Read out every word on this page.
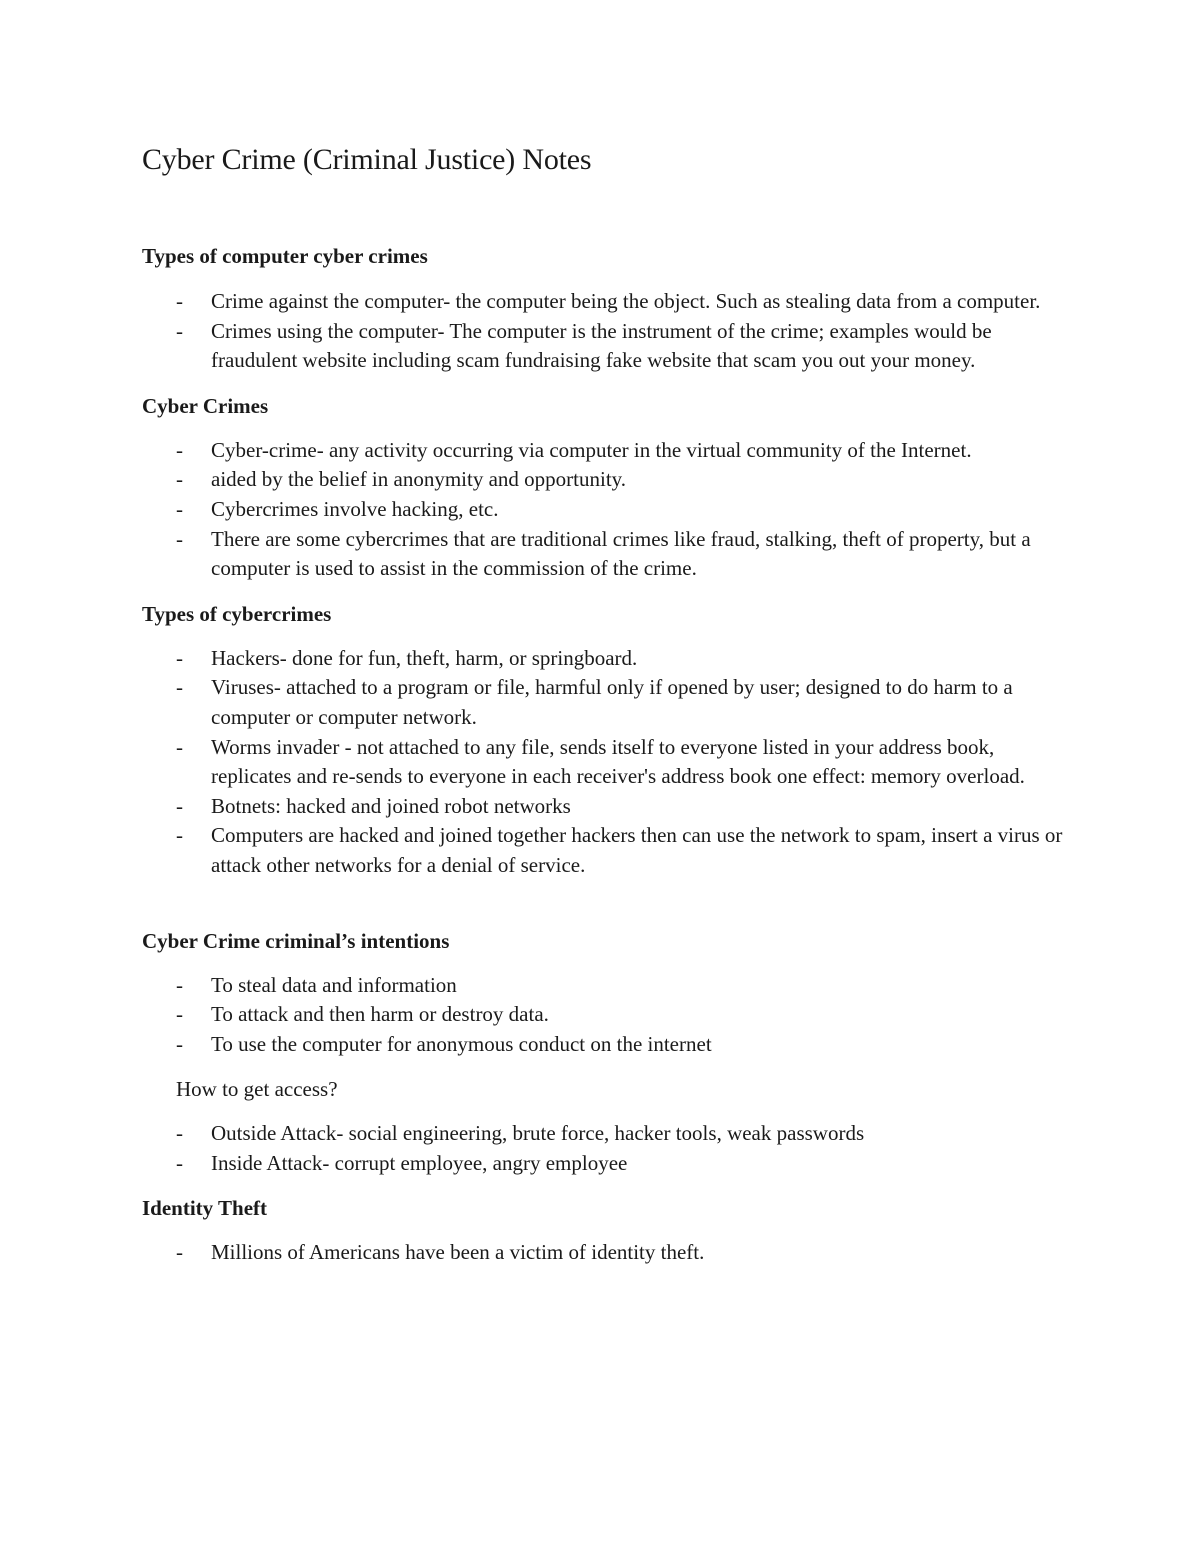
Cyber Crime (Criminal Justice) Notes
Types of computer cyber crimes
- Crime against the computer- the computer being the object. Such as stealing data from a computer.
- Crimes using the computer- The computer is the instrument of the crime; examples would be fraudulent website including scam fundraising fake website that scam you out your money.
Cyber Crimes
- Cyber-crime- any activity occurring via computer in the virtual community of the Internet.
- aided by the belief in anonymity and opportunity.
- Cybercrimes involve hacking, etc.
- There are some cybercrimes that are traditional crimes like fraud, stalking, theft of property, but a computer is used to assist in the commission of the crime.
Types of cybercrimes
- Hackers- done for fun, theft, harm, or springboard.
- Viruses- attached to a program or file, harmful only if opened by user; designed to do harm to a computer or computer network.
- Worms invader - not attached to any file, sends itself to everyone listed in your address book, replicates and re-sends to everyone in each receiver's address book one effect: memory overload.
- Botnets: hacked and joined robot networks
- Computers are hacked and joined together hackers then can use the network to spam, insert a virus or attack other networks for a denial of service.
Cyber Crime criminal’s intentions
- To steal data and information
- To attack and then harm or destroy data.
- To use the computer for anonymous conduct on the internet

How to get access?

- Outside Attack- social engineering, brute force, hacker tools, weak passwords
- Inside Attack- corrupt employee, angry employee
Identity Theft
- Millions of Americans have been a victim of identity theft.
